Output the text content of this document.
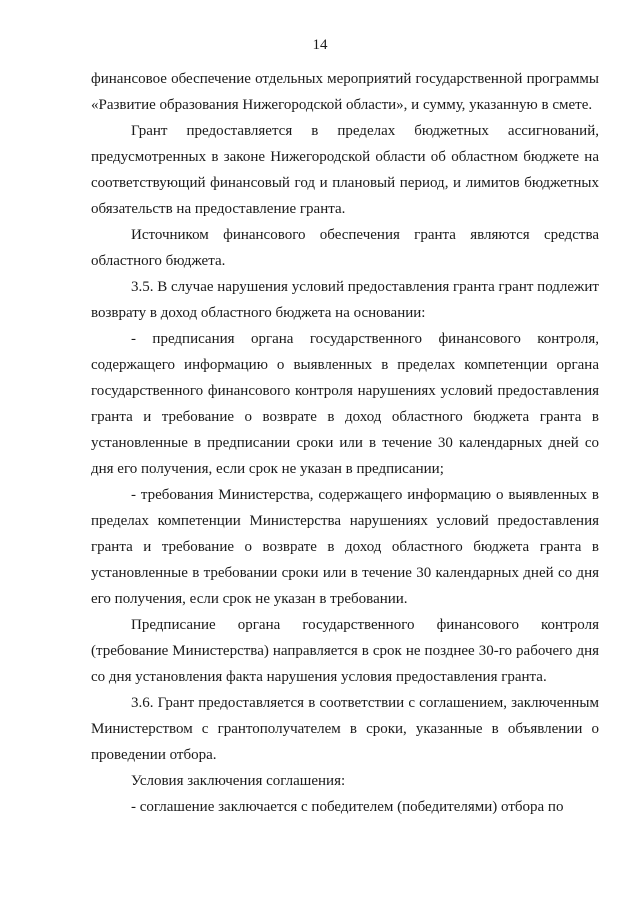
14

финансовое обеспечение отдельных мероприятий государственной программы «Развитие образования Нижегородской области», и сумму, указанную в смете.

Грант предоставляется в пределах бюджетных ассигнований, предусмотренных в законе Нижегородской области об областном бюджете на соответствующий финансовый год и плановый период, и лимитов бюджетных обязательств на предоставление гранта.

Источником финансового обеспечения гранта являются средства областного бюджета.

3.5. В случае нарушения условий предоставления гранта грант подлежит возврату в доход областного бюджета на основании:

- предписания органа государственного финансового контроля, содержащего информацию о выявленных в пределах компетенции органа государственного финансового контроля нарушениях условий предоставления гранта и требование о возврате в доход областного бюджета гранта в установленные в предписании сроки или в течение 30 календарных дней со дня его получения, если срок не указан в предписании;

- требования Министерства, содержащего информацию о выявленных в пределах компетенции Министерства нарушениях условий предоставления гранта и требование о возврате в доход областного бюджета гранта в установленные в требовании сроки или в течение 30 календарных дней со дня его получения, если срок не указан в требовании.

Предписание органа государственного финансового контроля (требование Министерства) направляется в срок не позднее 30-го рабочего дня со дня установления факта нарушения условия предоставления гранта.

3.6. Грант предоставляется в соответствии с соглашением, заключенным Министерством с грантополучателем в сроки, указанные в объявлении о проведении отбора.

Условия заключения соглашения:

- соглашение заключается с победителем (победителями) отбора по
